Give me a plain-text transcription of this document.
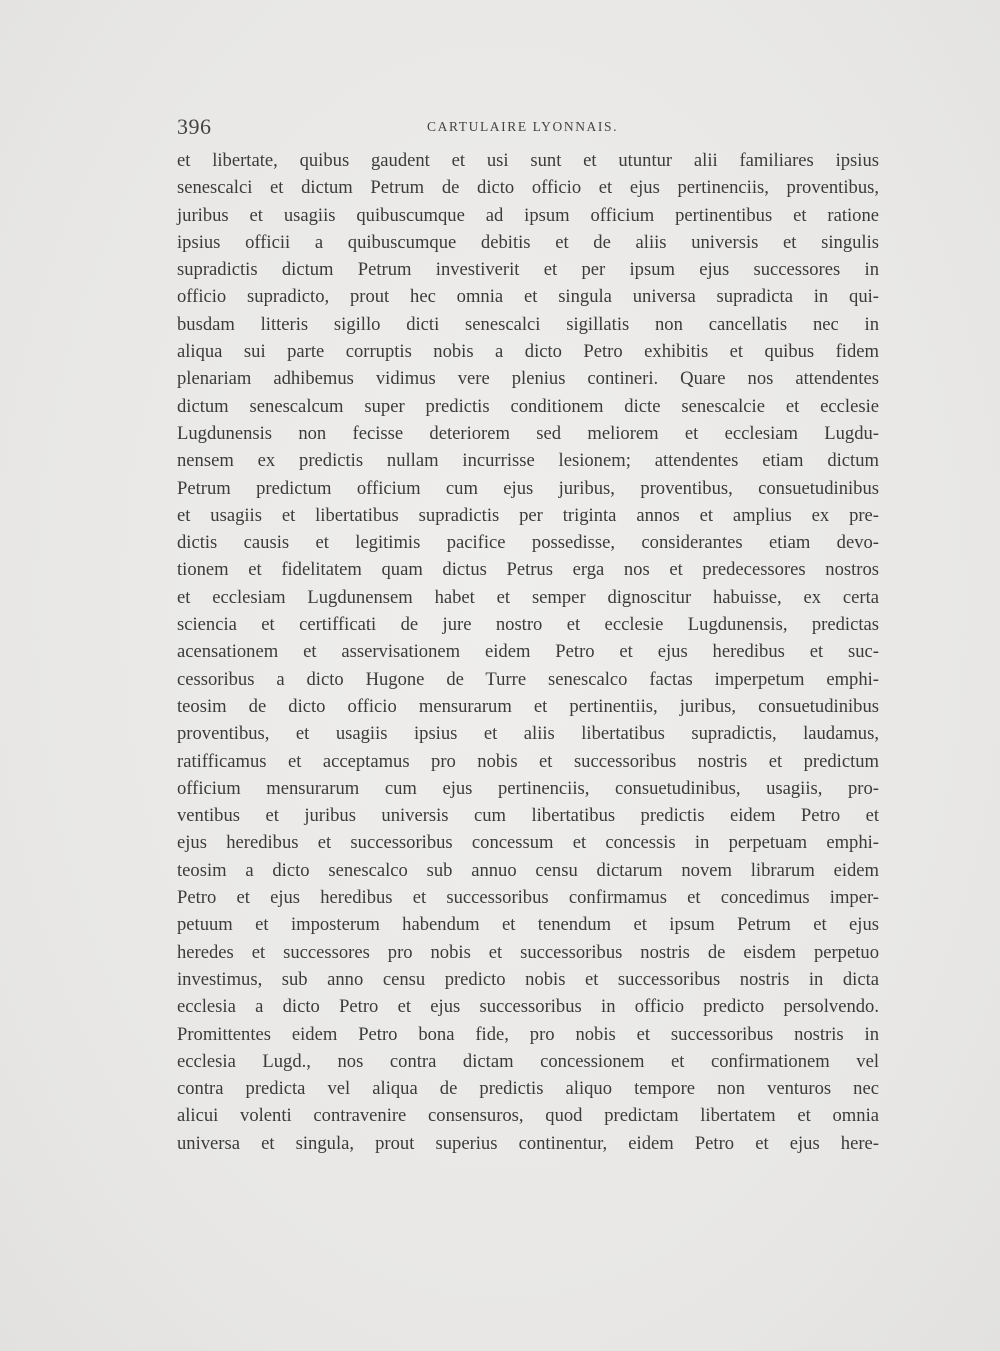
396	CARTULAIRE LYONNAIS.
et libertate, quibus gaudent et usi sunt et utuntur alii familiares ipsius
senescalci et dictum Petrum de dicto officio et ejus pertinenciis, proventibus,
juribus et usagiis quibuscumque ad ipsum officium pertinentibus et ratione
ipsius officii a quibuscumque debitis et de aliis universis et singulis
supradictis dictum Petrum investiverit et per ipsum ejus successores in
officio supradicto, prout hec omnia et singula universa supradicta in qui-
busdam litteris sigillo dicti senescalci sigillatis non cancellatis nec in
aliqua sui parte corruptis nobis a dicto Petro exhibitis et quibus fidem
plenariam adhibemus vidimus vere plenius contineri. Quare nos attendentes
dictum senescalcum super predictis conditionem dicte senescalcie et ecclesie
Lugdunensis non fecisse deteriorem sed meliorem et ecclesiam Lugdu-
nensem ex predictis nullam incurrisse lesionem; attendentes etiam dictum
Petrum predictum officium cum ejus juribus, proventibus, consuetudinibus
et usagiis et libertatibus supradictis per triginta annos et amplius ex pre-
dictis causis et legitimis pacifice possedisse, considerantes etiam devo-
tionem et fidelitatem quam dictus Petrus erga nos et predecessores nostros
et ecclesiam Lugdunensem habet et semper dignoscitur habuisse, ex certa
sciencia et certifficati de jure nostro et ecclesie Lugdunensis, predictas
acensationem et asservisationem eidem Petro et ejus heredibus et suc-
cessoribus a dicto Hugone de Turre senescalco factas imperpetum emphi-
teosim de dicto officio mensurarum et pertinentiis, juribus, consuetudinibus
proventibus, et usagiis ipsius et aliis libertatibus supradictis, laudamus,
ratifficamus et acceptamus pro nobis et successoribus nostris et predictum
officium mensurarum cum ejus pertinenciis, consuetudinibus, usagiis, pro-
ventibus et juribus universis cum libertatibus predictis eidem Petro et
ejus heredibus et successoribus concessum et concessis in perpetuam emphi-
teosim a dicto senescalco sub annuo censu dictarum novem librarum eidem
Petro et ejus heredibus et successoribus confirmamus et concedimus imper-
petuum et imposterum habendum et tenendum et ipsum Petrum et ejus
heredes et successores pro nobis et successoribus nostris de eisdem perpetuo
investimus, sub anno censu predicto nobis et successoribus nostris in dicta
ecclesia a dicto Petro et ejus successoribus in officio predicto persolvendo.
Promittentes eidem Petro bona fide, pro nobis et successoribus nostris in
ecclesia Lugd., nos contra dictam concessionem et confirmationem vel
contra predicta vel aliqua de predictis aliquo tempore non venturos nec
alicui volenti contravenire consensuros, quod predictam libertatem et omnia
universa et singula, prout superius continentur, eidem Petro et ejus here-
